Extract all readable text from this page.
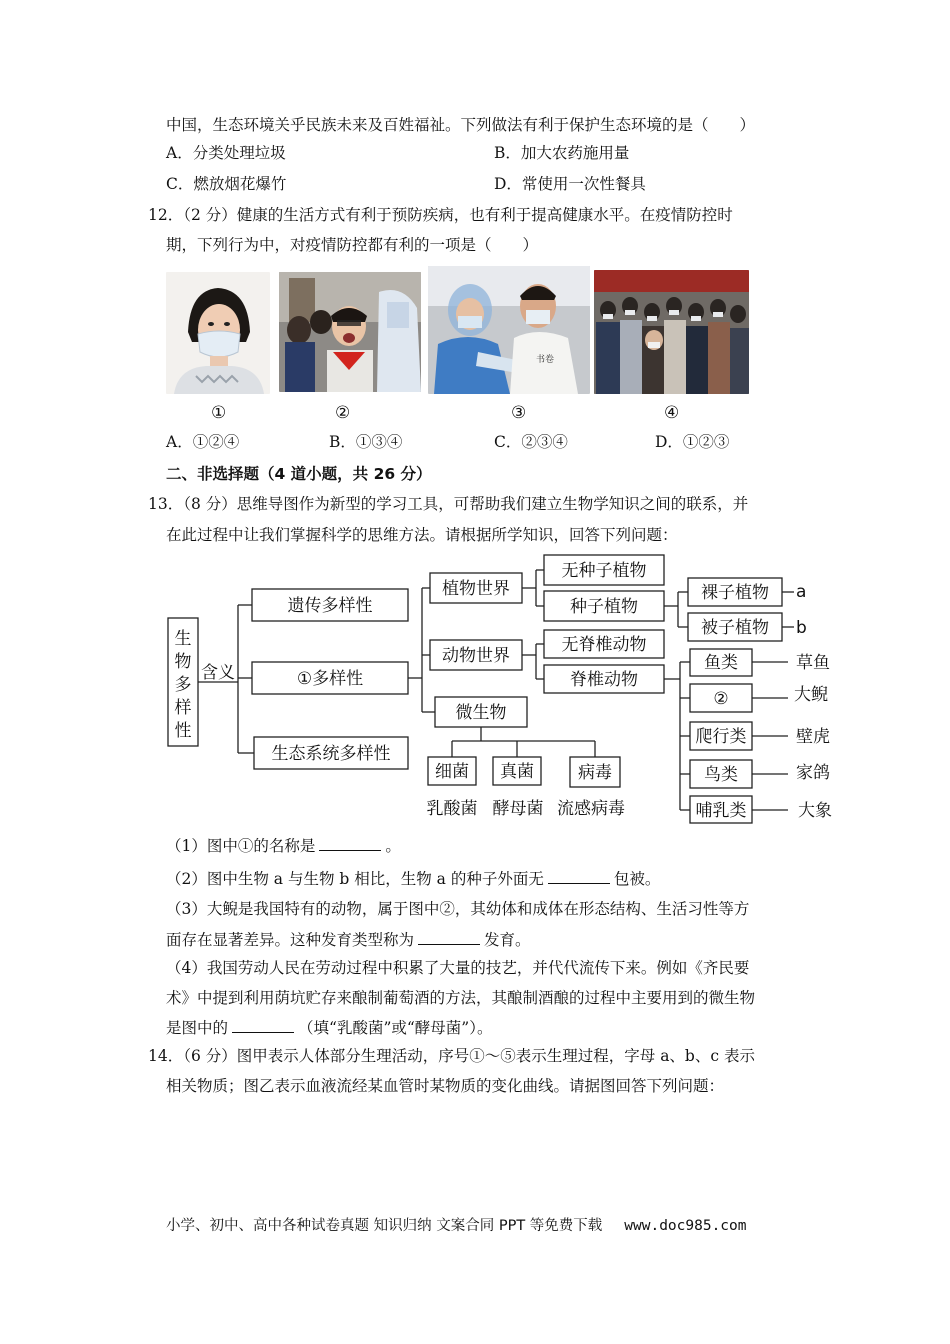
中国，生态环境关乎民族未来及百姓福祉。下列做法有利于保护生态环境的是（　　）
A．分类处理垃圾	B．加大农药施用量
C．燃放烟花爆竹	D．常使用一次性餐具
12．（2 分）健康的生活方式有利于预防疾病，也有利于提高健康水平。在疫情防控时
期，下列行为中，对疫情防控都有利的一项是（　　）
书卷
①	②	③	④
A．①②④	B．①③④	C．②③④	D．①②③
二、非选择题（4 道小题，共 26 分）
13．（8 分）思维导图作为新型的学习工具，可帮助我们建立生物学知识之间的联系，并
在此过程中让我们掌握科学的思维方法。请根据所学知识，回答下列问题：
生
物
多
样
性
含义
遗传多样性
①多样性
生态系统多样性
植物世界
动物世界
微生物
无种子植物
种子植物
裸子植物
被子植物
a
b
无脊椎动物
脊椎动物
鱼类
②
爬行类
鸟类
哺乳类
草鱼
大鲵
壁虎
家鸽
大象
细菌 真菌	病毒
乳酸菌 酵母菌 流感病毒
（1）图中①的名称是	。
（2）图中生物 a 与生物 b 相比，生物 a 的种子外面无	包被。
（3）大鲵是我国特有的动物，属于图中②，其幼体和成体在形态结构、生活习性等方
面存在显著差异。这种发育类型称为	发育。
（4）我国劳动人民在劳动过程中积累了大量的技艺，并代代流传下来。例如《齐民要
术》中提到利用荫坑贮存来酿制葡萄酒的方法，其酿制酒酿的过程中主要用到的微生物
是图中的	（填“乳酸菌”或“酵母菌”）。
14．（6 分）图甲表示人体部分生理活动，序号①～⑤表示生理过程，字母 a、b、c 表示
相关物质；图乙表示血液流经某血管时某物质的变化曲线。请据图回答下列问题：
小学、初中、高中各种试卷真题 知识归纳 文案合同 PPT 等免费下载 www.doc985.com
